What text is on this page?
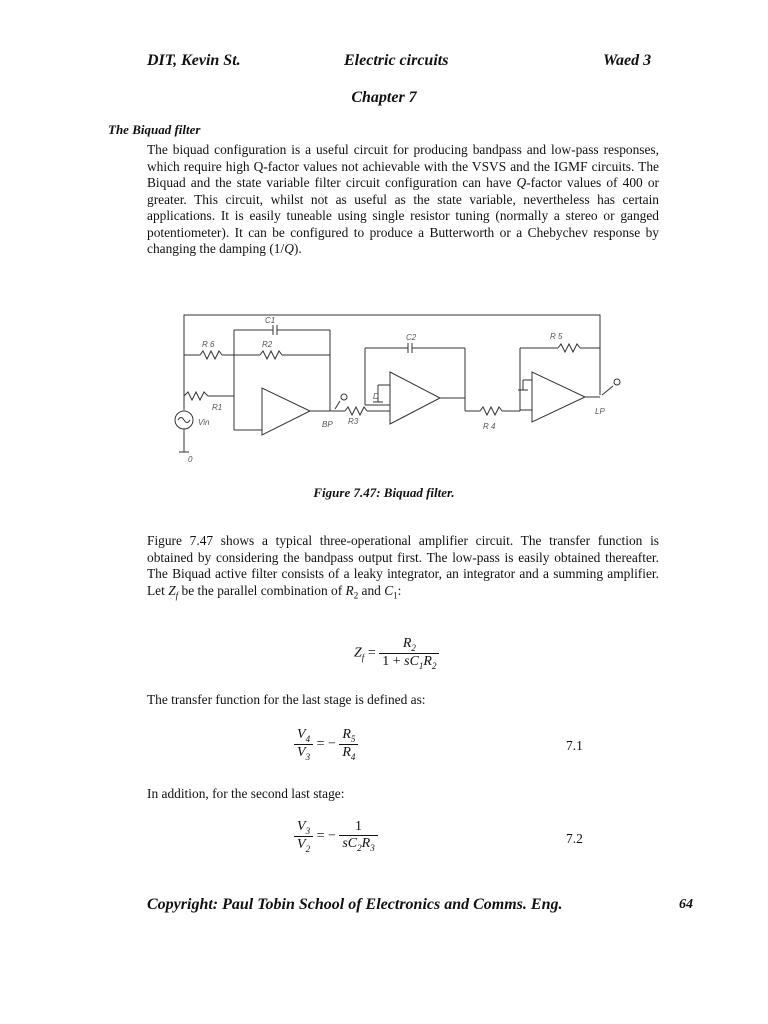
DIT, Kevin St.	Electric circuits	Waed 3
Chapter 7
The Biquad filter
The biquad configuration is a useful circuit for producing bandpass and low-pass responses, which require high Q-factor values not achievable with the VSVS and the IGMF circuits. The Biquad and the state variable filter circuit configuration can have Q-factor values of 400 or greater. This circuit, whilst not as useful as the state variable, nevertheless has certain applications. It is easily tuneable using single resistor tuning (normally a stereo or ganged potentiometer). It can be configured to produce a Butterworth or a Chebychev response by changing the damping (1/Q).
C1
C2
R 6	R2
R1
R3
R 4
R 5
Vin	BP
LP
D
0
Figure 7.47: Biquad filter.
Figure 7.47 shows a typical three-operational amplifier circuit. The transfer function is obtained by considering the bandpass output first. The low-pass is easily obtained thereafter. The Biquad active filter consists of a leaky integrator, an integrator and a summing amplifier. Let $Z_f$ be the parallel combination of $R_2$ and $C_1$:
$Z_f = \frac{R_2}{1 + sC_1R_2}$
The transfer function for the last stage is defined as:
$\frac{V_4}{V_3}$ = − $\frac{R_5}{R_4}$	7.1
In addition, for the second last stage:
$\frac{V_3}{V_2}$ = − $\frac{1}{sC_2R_3}$	7.2
Copyright: Paul Tobin School of Electronics and Comms. Eng.	64
